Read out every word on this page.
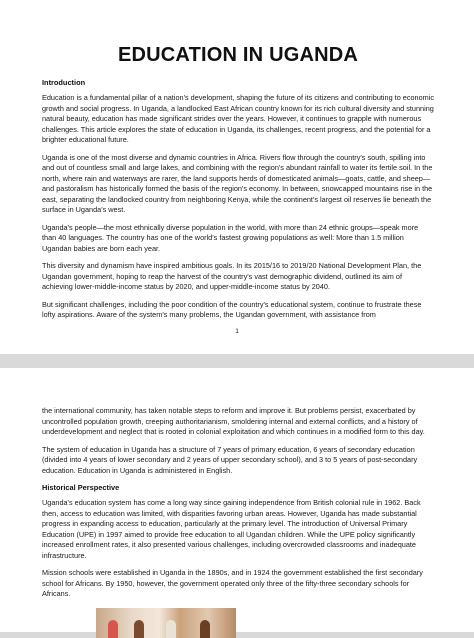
EDUCATION IN UGANDA
Introduction

Education is a fundamental pillar of a nation's development, shaping the future of its citizens and contributing to economic growth and social progress. In Uganda, a landlocked East African country known for its rich cultural diversity and stunning natural beauty, education has made significant strides over the years. However, it continues to grapple with numerous challenges. This article explores the state of education in Uganda, its challenges, recent progress, and the potential for a brighter educational future.

Uganda is one of the most diverse and dynamic countries in Africa. Rivers flow through the country's south, spilling into and out of countless small and large lakes, and combining with the region's abundant rainfall to water its fertile soil. In the north, where rain and waterways are rarer, the land supports herds of domesticated animals—goats, cattle, and sheep—and pastoralism has historically formed the basis of the region's economy. In between, snowcapped mountains rise in the east, separating the landlocked country from neighboring Kenya, while the continent's largest oil reserves lie beneath the surface in Uganda's west.

Uganda's people—the most ethnically diverse population in the world, with more than 24 ethnic groups—speak more than 40 languages. The country has one of the world's fastest growing populations as well: More than 1.5 million Ugandan babies are born each year.

This diversity and dynamism have inspired ambitious goals. In its 2015/16 to 2019/20 National Development Plan, the Ugandan government, hoping to reap the harvest of the country's vast demographic dividend, outlined its aim of achieving lower-middle-income status by 2020, and upper-middle-income status by 2040.

But significant challenges, including the poor condition of the country's educational system, continue to frustrate these lofty aspirations. Aware of the system's many problems, the Ugandan government, with assistance from

1

the international community, has taken notable steps to reform and improve it. But problems persist, exacerbated by uncontrolled population growth, creeping authoritarianism, smoldering internal and external conflicts, and a history of underdevelopment and neglect that is rooted in colonial exploitation and which continues in a modified form to this day.

The system of education in Uganda has a structure of 7 years of primary education, 6 years of secondary education (divided into 4 years of lower secondary and 2 years of upper secondary school), and 3 to 5 years of post-secondary education. Education in Uganda is administered in English.

Historical Perspective

Uganda's education system has come a long way since gaining independence from British colonial rule in 1962. Back then, access to education was limited, with disparities favoring urban areas. However, Uganda has made substantial progress in expanding access to education, particularly at the primary level. The introduction of Universal Primary Education (UPE) in 1997 aimed to provide free education to all Ugandan children. While the UPE policy significantly increased enrollment rates, it also presented various challenges, including overcrowded classrooms and inadequate infrastructure.

Mission schools were established in Uganda in the 1890s, and in 1924 the government established the first secondary school for Africans. By 1950, however, the government operated only three of the fifty-three secondary schools for Africans.
